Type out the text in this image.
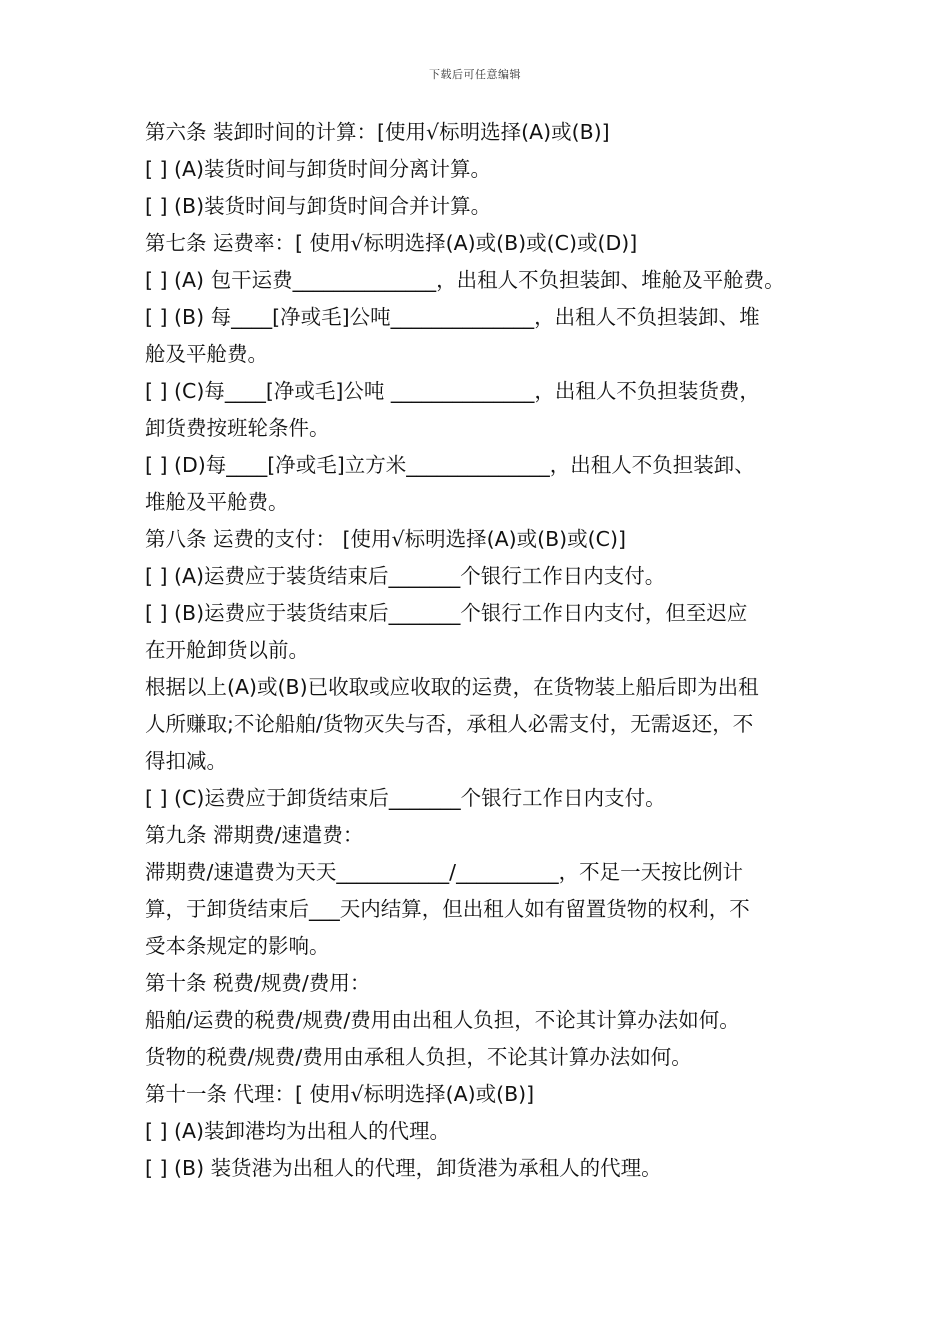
下载后可任意编辑
第六条 装卸时间的计算：[使用√标明选择(A)或(B)]
[ ] (A)装货时间与卸货时间分离计算。
[ ] (B)装货时间与卸货时间合并计算。
第七条 运费率：[ 使用√标明选择(A)或(B)或(C)或(D)]
[ ] (A) 包干运费______________，出租人不负担装卸、堆舱及平舱费。
[ ] (B) 每____[净或毛]公吨______________，出租人不负担装卸、堆
舱及平舱费。
[ ] (C)每____[净或毛]公吨 ______________，出租人不负担装货费，
卸货费按班轮条件。
[ ] (D)每____[净或毛]立方米______________，出租人不负担装卸、
堆舱及平舱费。
第八条 运费的支付： [使用√标明选择(A)或(B)或(C)]
[ ] (A)运费应于装货结束后_______个银行工作日内支付。
[ ] (B)运费应于装货结束后_______个银行工作日内支付，但至迟应
在开舱卸货以前。
根据以上(A)或(B)已收取或应收取的运费，在货物装上船后即为出租
人所赚取;不论船舶/货物灭失与否，承租人必需支付，无需返还，不
得扣减。
[ ] (C)运费应于卸货结束后_______个银行工作日内支付。
第九条 滞期费/速遣费：
滞期费/速遣费为天天___________/__________，不足一天按比例计
算，于卸货结束后___天内结算，但出租人如有留置货物的权利，不
受本条规定的影响。
第十条 税费/规费/费用：
船舶/运费的税费/规费/费用由出租人负担，不论其计算办法如何。
货物的税费/规费/费用由承租人负担，不论其计算办法如何。
第十一条 代理：[ 使用√标明选择(A)或(B)]
[ ] (A)装卸港均为出租人的代理。
[ ] (B) 装货港为出租人的代理，卸货港为承租人的代理。
